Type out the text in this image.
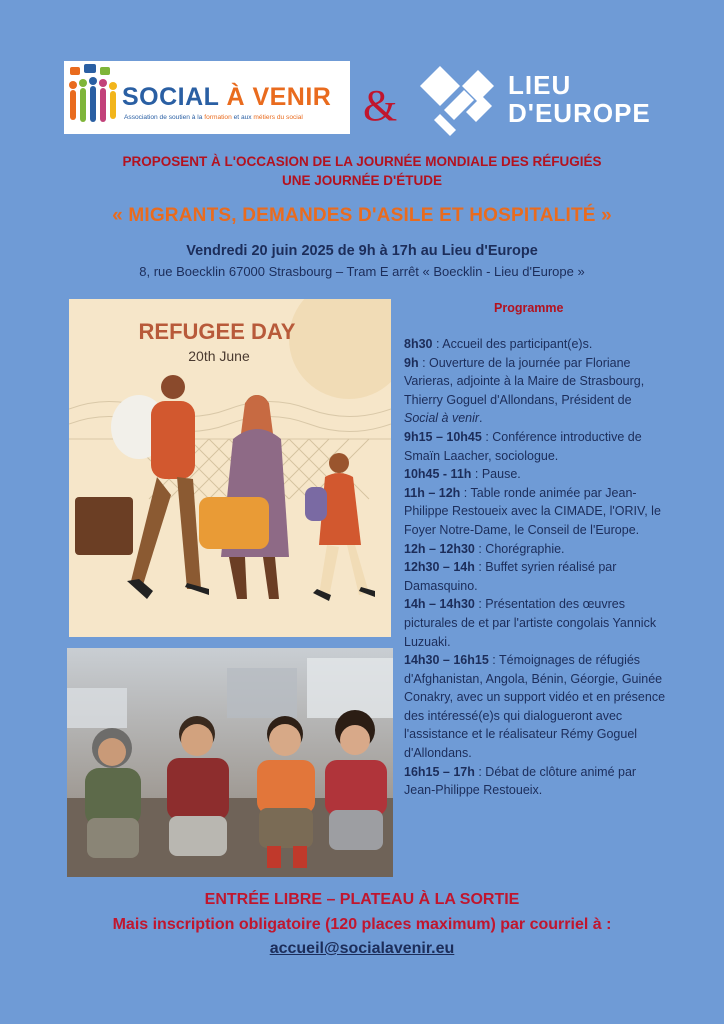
SOCIAL À VENIR
Association de soutien à la formation et aux métiers du social &	LIEU
D'EUROPE
PROPOSENT À L'OCCASION DE LA JOURNÉE MONDIALE DES RÉFUGIÉS
UNE JOURNÉE D'ÉTUDE
« MIGRANTS, DEMANDES D'ASILE ET HOSPITALITÉ »
Vendredi 20 juin 2025 de 9h à 17h au Lieu d'Europe
8, rue Boecklin 67000 Strasbourg – Tram E arrêt « Boecklin - Lieu d'Europe »
REFUGEE DAY
20th June
Programme

8h30 : Accueil des participant(e)s.

9h : Ouverture de la journée par Floriane Varieras, adjointe à la Maire de Strasbourg,

Thierry Goguel d'Allondans, Président de Social à venir.

9h15 – 10h45 : Conférence introductive de Smaïn Laacher, sociologue.

10h45 - 11h : Pause.

11h – 12h : Table ronde animée par Jean-Philippe Restoueix avec la CIMADE, l'ORIV, le Foyer Notre-Dame, le Conseil de l'Europe.

12h – 12h30 : Chorégraphie.

12h30 – 14h : Buffet syrien réalisé par Damasquino.

14h – 14h30 : Présentation des œuvres picturales de et par l'artiste congolais Yannick Luzuaki.

14h30 – 16h15 : Témoignages de réfugiés d'Afghanistan, Angola, Bénin, Géorgie, Guinée Conakry, avec un support vidéo et en présence des intéressé(e)s qui dialogueront avec l'assistance et le réalisateur Rémy Goguel d'Allondans.

16h15 – 17h : Débat de clôture animé par Jean-Philippe Restoueix.

ENTRÉE LIBRE – PLATEAU À LA SORTIE
Mais inscription obligatoire (120 places maximum) par courriel à :
accueil@socialavenir.eu
